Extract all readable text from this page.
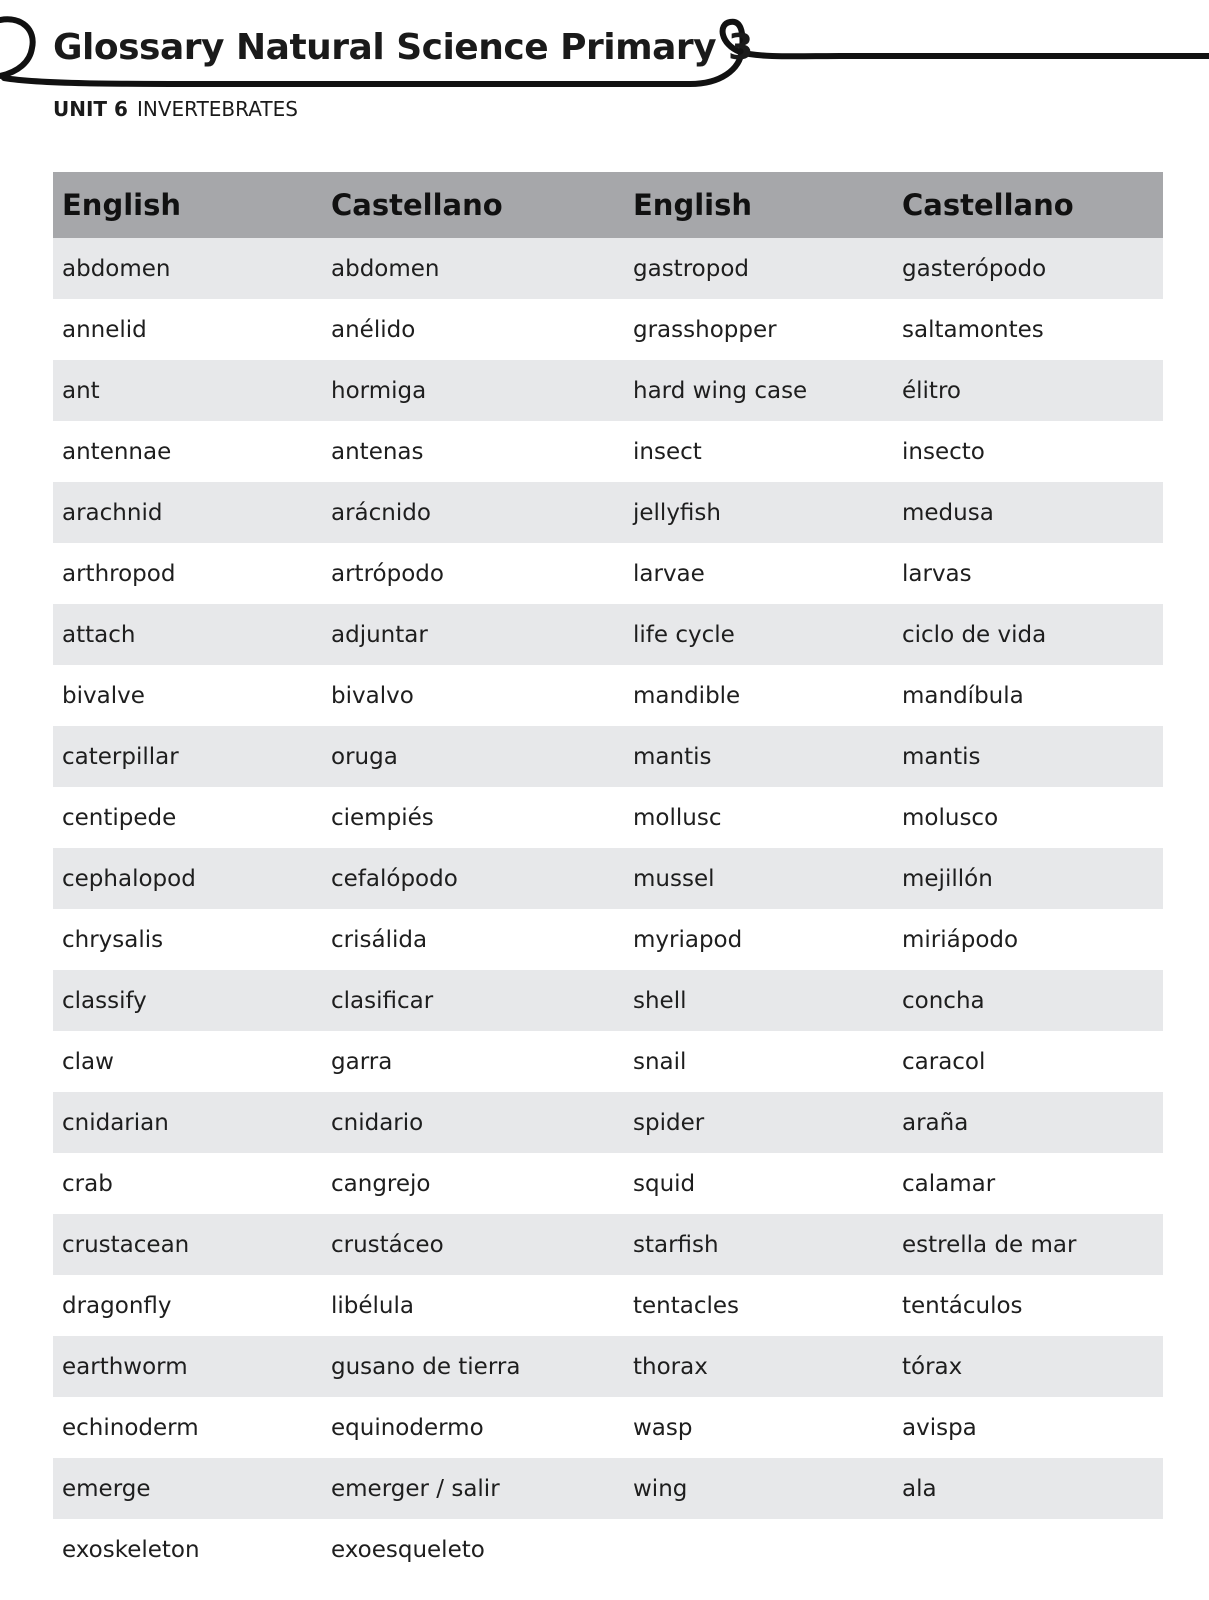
Glossary Natural Science Primary 3
UNIT 6 INVERTEBRATES
English	Castellano	English	Castellano
abdomen	abdomen	gastropod	gasterópodo
annelid	anélido	grasshopper	saltamontes
ant	hormiga	hard wing case	élitro
antennae	antenas	insect	insecto
arachnid	arácnido	jellyfish	medusa
arthropod	artrópodo	larvae	larvas
attach	adjuntar	life cycle	ciclo de vida
bivalve	bivalvo	mandible	mandíbula
caterpillar	oruga	mantis	mantis
centipede	ciempiés	mollusc	molusco
cephalopod	cefalópodo	mussel	mejillón
chrysalis	crisálida	myriapod	miriápodo
classify	clasificar	shell	concha
claw	garra	snail	caracol
cnidarian	cnidario	spider	araña
crab	cangrejo	squid	calamar
crustacean	crustáceo	starfish	estrella de mar
dragonfly	libélula	tentacles	tentáculos
earthworm	gusano de tierra	thorax	tórax
echinoderm	equinodermo	wasp	avispa
emerge	emerger / salir	wing	ala
exoskeleton	exoesqueleto		
